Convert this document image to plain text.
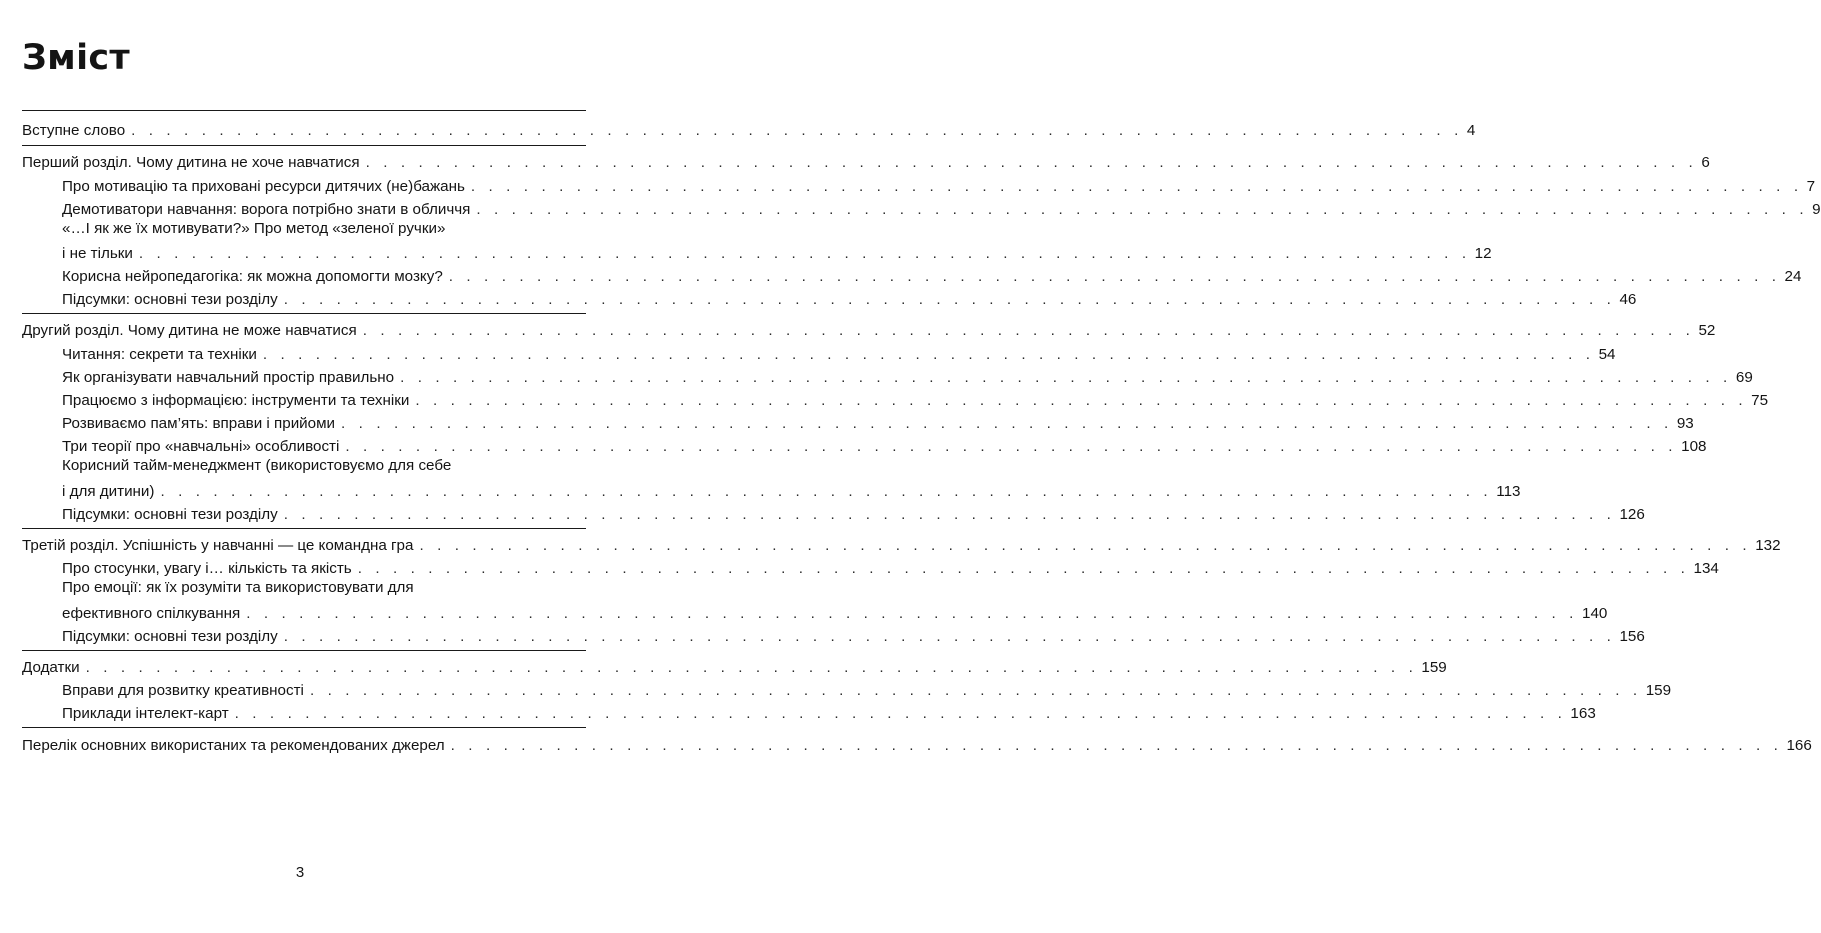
Зміст
Вступне слово . . . . . . . . . . . . . . . . . . . . . . . . . . . . . . . . . . . . . . . . . . . . . . . . . . . . . . . . . . . . . . . . . . . . . . . . . . . . 4
Перший розділ. Чому дитина не хоче навчатися . . . . . . . . . . . . . . . . . . . . . . . . . . . . . . . . . . . . . . . . . . . . . . . . . . . . . . . . . . . . . . . . . . . . . . . . . . . . 6
Про мотивацію та приховані ресурси дитячих (не)бажань . . . . . . . . . . . . . . . . . . . . . . . . . . . . . . . . . . . . . . . . . . . . . . . . . . . . . . . . . . . . . . . . . . . . . . . . . . . . 7
Демотиватори навчання: ворога потрібно знати в обличчя . . . . . . . . . . . . . . . . . . . . . . . . . . . . . . . . . . . . . . . . . . . . . . . . . . . . . . . . . . . . . . . . . . . . . . . . . . . . 9
«…І як же їх мотивувати?» Про метод «зеленої ручки»
і не тільки . . . . . . . . . . . . . . . . . . . . . . . . . . . . . . . . . . . . . . . . . . . . . . . . . . . . . . . . . . . . . . . . . . . . . . . . . . . . 12
Корисна нейропедагогіка: як можна допомогти мозку? . . . . . . . . . . . . . . . . . . . . . . . . . . . . . . . . . . . . . . . . . . . . . . . . . . . . . . . . . . . . . . . . . . . . . . . . . . . . 24
Підсумки: основні тези розділу . . . . . . . . . . . . . . . . . . . . . . . . . . . . . . . . . . . . . . . . . . . . . . . . . . . . . . . . . . . . . . . . . . . . . . . . . . . . 46
Другий розділ. Чому дитина не може навчатися . . . . . . . . . . . . . . . . . . . . . . . . . . . . . . . . . . . . . . . . . . . . . . . . . . . . . . . . . . . . . . . . . . . . . . . . . . . . 52
Читання: секрети та техніки . . . . . . . . . . . . . . . . . . . . . . . . . . . . . . . . . . . . . . . . . . . . . . . . . . . . . . . . . . . . . . . . . . . . . . . . . . . . 54
Як організувати навчальний простір правильно . . . . . . . . . . . . . . . . . . . . . . . . . . . . . . . . . . . . . . . . . . . . . . . . . . . . . . . . . . . . . . . . . . . . . . . . . . . . 69
Працюємо з інформацією: інструменти та техніки . . . . . . . . . . . . . . . . . . . . . . . . . . . . . . . . . . . . . . . . . . . . . . . . . . . . . . . . . . . . . . . . . . . . . . . . . . . . 75
Розвиваємо пам’ять: вправи і прийоми . . . . . . . . . . . . . . . . . . . . . . . . . . . . . . . . . . . . . . . . . . . . . . . . . . . . . . . . . . . . . . . . . . . . . . . . . . . . 93
Три теорії про «навчальні» особливості . . . . . . . . . . . . . . . . . . . . . . . . . . . . . . . . . . . . . . . . . . . . . . . . . . . . . . . . . . . . . . . . . . . . . . . . . . . . 108
Корисний тайм-менеджмент (використовуємо для себе
і для дитини) . . . . . . . . . . . . . . . . . . . . . . . . . . . . . . . . . . . . . . . . . . . . . . . . . . . . . . . . . . . . . . . . . . . . . . . . . . . . 113
Підсумки: основні тези розділу . . . . . . . . . . . . . . . . . . . . . . . . . . . . . . . . . . . . . . . . . . . . . . . . . . . . . . . . . . . . . . . . . . . . . . . . . . . . 126
Третій розділ. Успішність у навчанні — це командна гра . . . . . . . . . . . . . . . . . . . . . . . . . . . . . . . . . . . . . . . . . . . . . . . . . . . . . . . . . . . . . . . . . . . . . . . . . . . . 132
Про стосунки, увагу і… кількість та якість . . . . . . . . . . . . . . . . . . . . . . . . . . . . . . . . . . . . . . . . . . . . . . . . . . . . . . . . . . . . . . . . . . . . . . . . . . . . 134
Про емоції: як їх розуміти та використовувати для
ефективного спілкування . . . . . . . . . . . . . . . . . . . . . . . . . . . . . . . . . . . . . . . . . . . . . . . . . . . . . . . . . . . . . . . . . . . . . . . . . . . . 140
Підсумки: основні тези розділу . . . . . . . . . . . . . . . . . . . . . . . . . . . . . . . . . . . . . . . . . . . . . . . . . . . . . . . . . . . . . . . . . . . . . . . . . . . . 156
Додатки . . . . . . . . . . . . . . . . . . . . . . . . . . . . . . . . . . . . . . . . . . . . . . . . . . . . . . . . . . . . . . . . . . . . . . . . . . . . 159
Вправи для розвитку креативності . . . . . . . . . . . . . . . . . . . . . . . . . . . . . . . . . . . . . . . . . . . . . . . . . . . . . . . . . . . . . . . . . . . . . . . . . . . . 159
Приклади інтелект-карт . . . . . . . . . . . . . . . . . . . . . . . . . . . . . . . . . . . . . . . . . . . . . . . . . . . . . . . . . . . . . . . . . . . . . . . . . . . . 163
Перелік основних використаних та рекомендованих джерел . . . . . . . . . . . . . . . . . . . . . . . . . . . . . . . . . . . . . . . . . . . . . . . . . . . . . . . . . . . . . . . . . . . . . . . . . . . . 166
3
